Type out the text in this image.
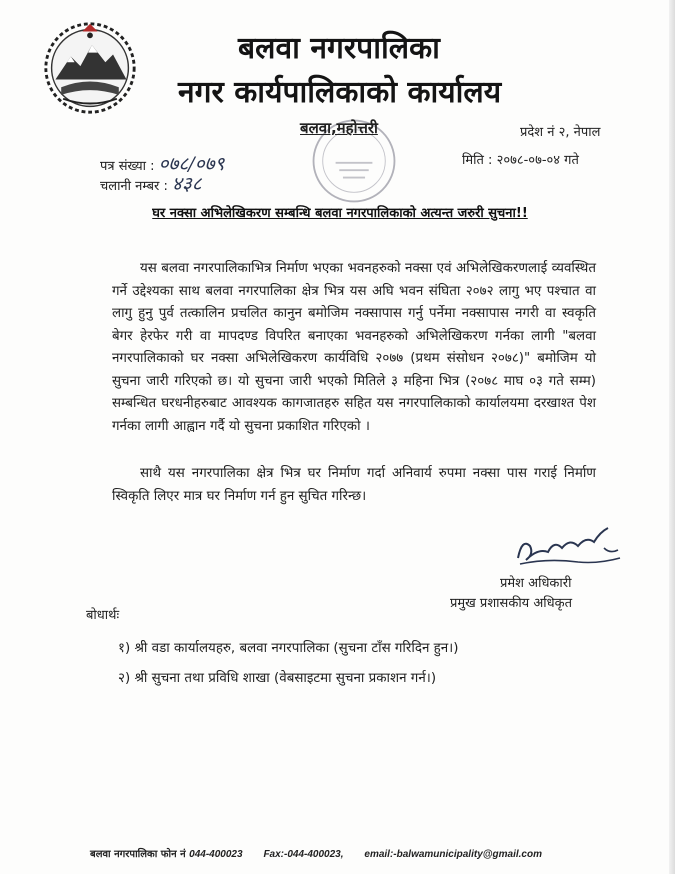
बलवा नगरपालिका
नगर कार्यपालिकाको कार्यालय
बलवा,महोत्तरी	प्रदेश नं २, नेपाल
मिति : २०७८-०७-०४ गते
पत्र संख्या : ०७८/०७९
चलानी नम्बर : ४३८
घर नक्सा अभिलेखिकरण सम्बन्धि बलवा नगरपालिकाको अत्यन्त जरुरी सुचना!!
यस बलवा नगरपालिकाभित्र निर्माण भएका भवनहरुको नक्सा एवं अभिलेखिकरणलाई व्यवस्थित गर्ने उद्देश्यका साथ बलवा नगरपालिका क्षेत्र भित्र यस अघि भवन संघिता २०७२ लागु भए पश्चात वा लागु हुनु पुर्व तत्कालिन प्रचलित कानुन बमोजिम नक्सापास गर्नु पर्नेमा नक्सापास नगरी वा स्वकृति बेगर हेरफेर गरी वा मापदण्ड विपरित बनाएका भवनहरुको अभिलेखिकरण गर्नका लागी "बलवा नगरपालिकाको घर नक्सा अभिलेखिकरण कार्यविधि २०७७ (प्रथम संसोधन २०७८)" बमोजिम यो सुचना जारी गरिएको छ। यो सुचना जारी भएको मितिले ३ महिना भित्र (२०७८ माघ ०३ गते सम्म) सम्बन्धित घरधनीहरुबाट आवश्यक कागजातहरु सहित यस नगरपालिकाको कार्यालयमा दरखाश्त पेश गर्नका लागी आह्वान गर्दै यो सुचना प्रकाशित गरिएको ।
साथै यस नगरपालिका क्षेत्र भित्र घर निर्माण गर्दा अनिवार्य रुपमा नक्सा पास गराई निर्माण स्विकृति लिएर मात्र घर निर्माण गर्न हुन सुचित गरिन्छ।
प्रमेश अधिकारी
प्रमुख प्रशासकीय अधिकृत
बोधार्थः
१) श्री वडा कार्यालयहरु, बलवा नगरपालिका (सुचना टाँस गरिदिन हुन।)
२) श्री सुचना तथा प्रविधि शाखा (वेबसाइटमा सुचना प्रकाशन गर्न।)
बलवा नगरपालिका फोन नं 044-400023 Fax:-044-400023, email:-balwamunicipality@gmail.com
